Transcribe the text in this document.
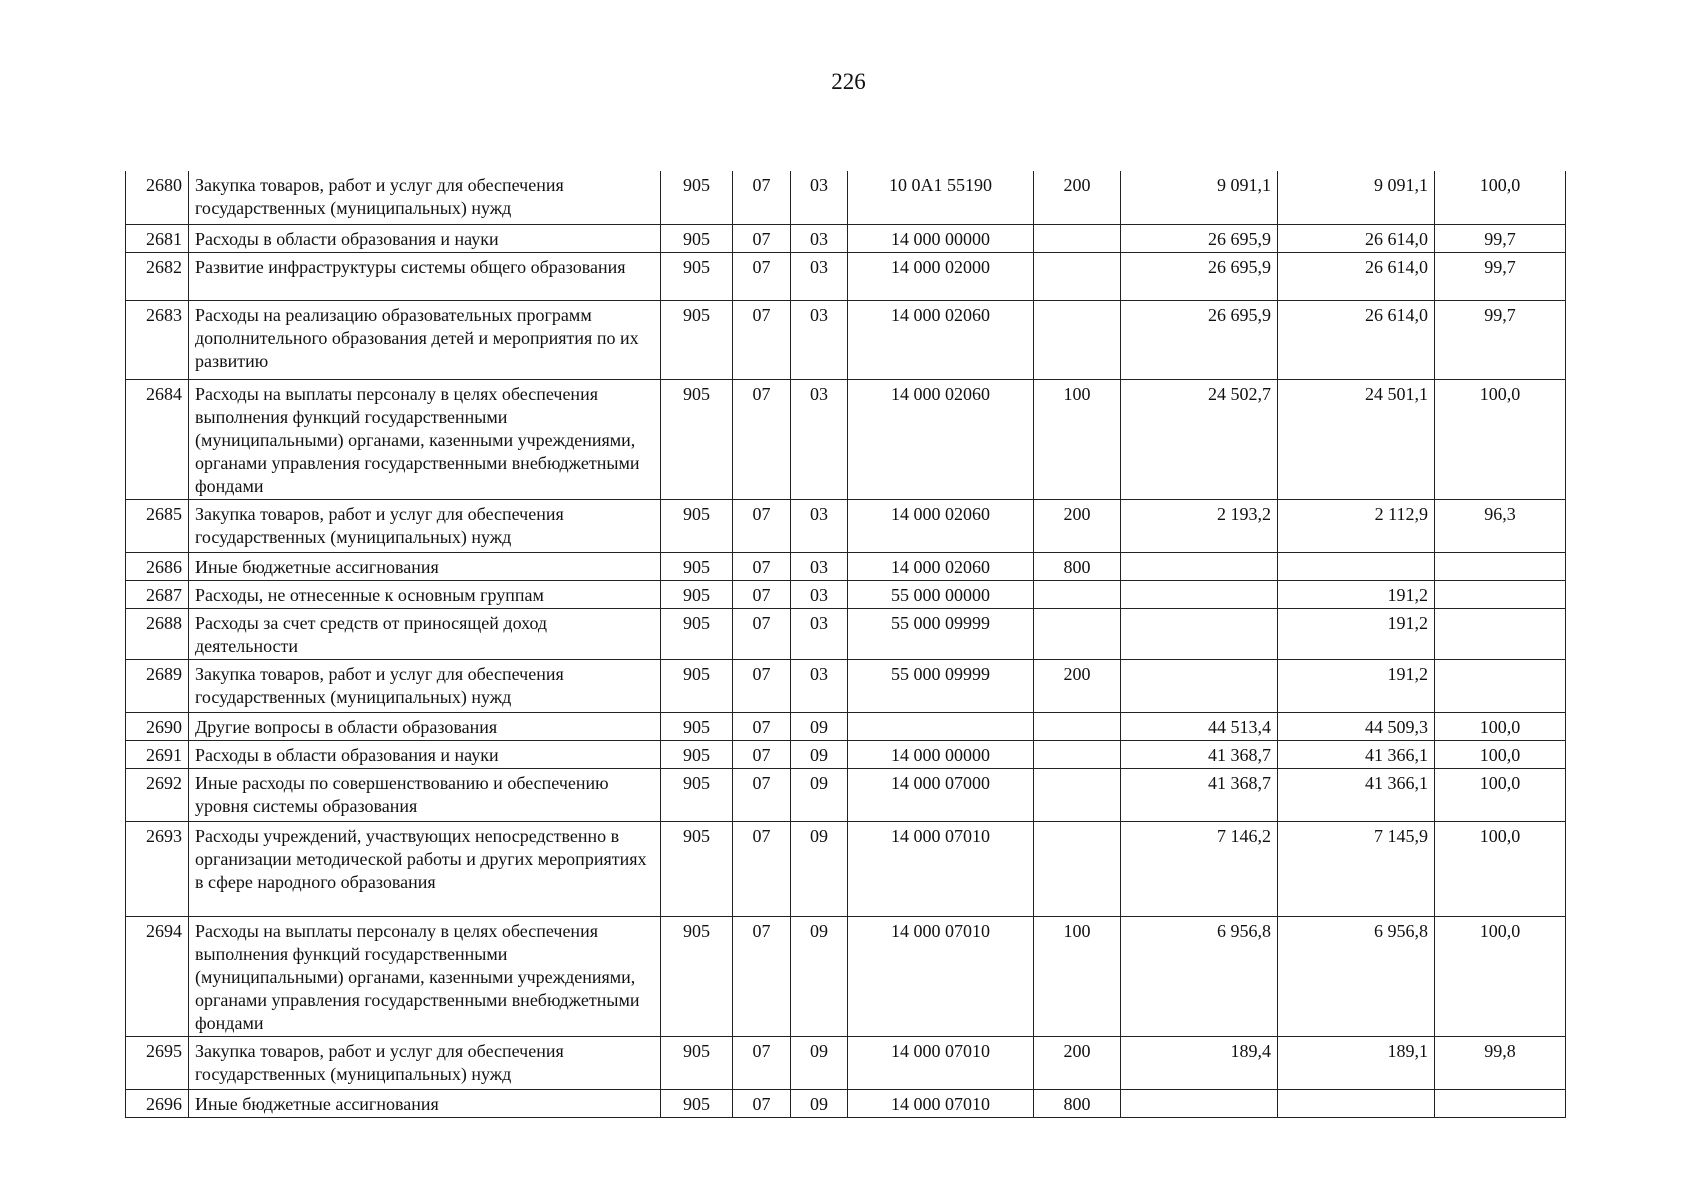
226
2680	Закупка товаров, работ и услуг для обеспечения государственных (муниципальных) нужд	905	07	03	10 0A1 55190	200	9 091,1	9 091,1	100,0
2681	Расходы в области образования и науки	905	07	03	14 000 00000		26 695,9	26 614,0	99,7
2682	Развитие инфраструктуры системы общего образования	905	07	03	14 000 02000		26 695,9	26 614,0	99,7
2683	Расходы на реализацию образовательных программ дополнительного образования детей и мероприятия по их развитию	905	07	03	14 000 02060		26 695,9	26 614,0	99,7
2684	Расходы на выплаты персоналу в целях обеспечения выполнения функций государственными (муниципальными) органами, казенными учреждениями, органами управления государственными внебюджетными фондами	905	07	03	14 000 02060	100	24 502,7	24 501,1	100,0
2685	Закупка товаров, работ и услуг для обеспечения государственных (муниципальных) нужд	905	07	03	14 000 02060	200	2 193,2	2 112,9	96,3
2686	Иные бюджетные ассигнования	905	07	03	14 000 02060	800			
2687	Расходы, не отнесенные к основным группам	905	07	03	55 000 00000			191,2	
2688	Расходы за счет средств от приносящей доход деятельности	905	07	03	55 000 09999			191,2	
2689	Закупка товаров, работ и услуг для обеспечения государственных (муниципальных) нужд	905	07	03	55 000 09999	200		191,2	
2690	Другие вопросы в области образования	905	07	09			44 513,4	44 509,3	100,0
2691	Расходы в области образования и науки	905	07	09	14 000 00000		41 368,7	41 366,1	100,0
2692	Иные расходы по совершенствованию и обеспечению уровня системы образования	905	07	09	14 000 07000		41 368,7	41 366,1	100,0
2693	Расходы учреждений, участвующих непосредственно в организации методической работы и других мероприятиях в сфере народного образования	905	07	09	14 000 07010		7 146,2	7 145,9	100,0
2694	Расходы на выплаты персоналу в целях обеспечения выполнения функций государственными (муниципальными) органами, казенными учреждениями, органами управления государственными внебюджетными фондами	905	07	09	14 000 07010	100	6 956,8	6 956,8	100,0
2695	Закупка товаров, работ и услуг для обеспечения государственных (муниципальных) нужд	905	07	09	14 000 07010	200	189,4	189,1	99,8
2696	Иные бюджетные ассигнования	905	07	09	14 000 07010	800			
